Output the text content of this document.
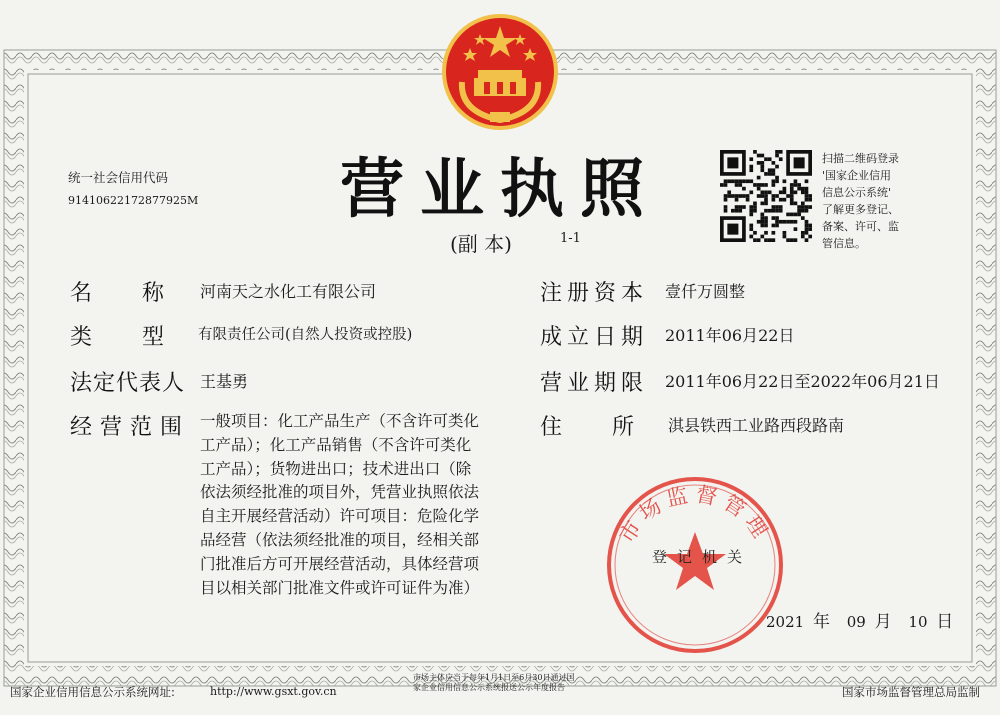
营业执照
(副 本)	1-1
统一社会信用代码
91410622172877925M
扫描二维码登录
'国家企业信用
信息公示系统'
了解更多登记、
备案、许可、监
管信息。
名　　称 河南天之水化工有限公司
类　　型 有限责任公司(自然人投资或控股)
法定代表人 王基勇
经营范围 一般项目：化工产品生产（不含许可类化
工产品）；化工产品销售（不含许可类化
工产品）；货物进出口；技术进出口（除
依法须经批准的项目外，凭营业执照依法
自主开展经营活动）许可项目：危险化学
品经营（依法须经批准的项目，经相关部
门批准后方可开展经营活动，具体经营项
目以相关部门批准文件或许可证件为准）
注册资本 壹仟万圆整
成立日期 2011年06月22日
营业期限 2011年06月22日至2022年06月21日
住　　所 淇县铁西工业路西段路南
市场监督管理
登记机关
2021 年 09 月 10 日
国家企业信用信息公示系统网址:	http://www.gsxt.gov.cn
市场主体应当于每年1月1日至6月30日通过国
家企业信用信息公示系统报送公示年度报告	国家市场监督管理总局监制
